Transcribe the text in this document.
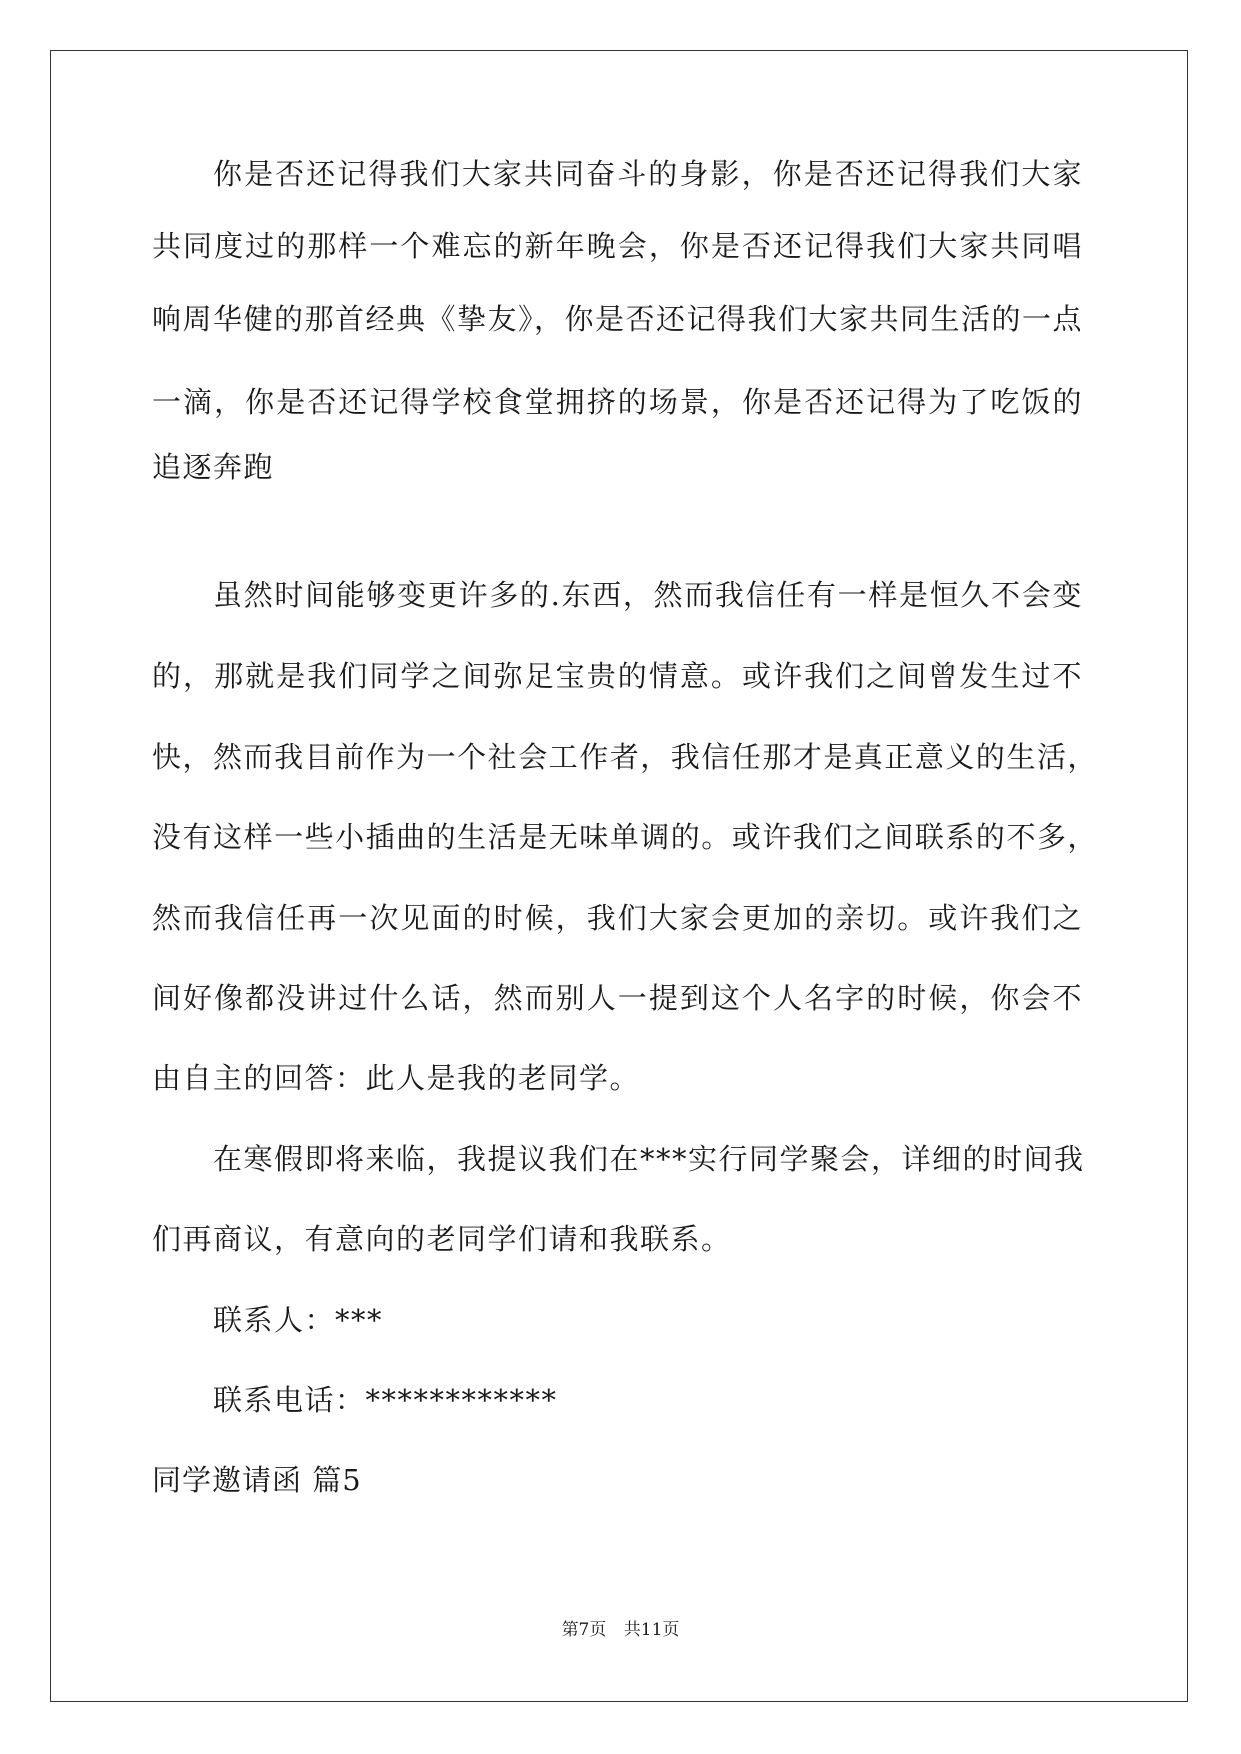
你是否还记得我们大家共同奋斗的身影，你是否还记得我们大家
共同度过的那样一个难忘的新年晚会，你是否还记得我们大家共同唱
响周华健的那首经典《挚友》，你是否还记得我们大家共同生活的一点
一滴，你是否还记得学校食堂拥挤的场景，你是否还记得为了吃饭的
追逐奔跑
虽然时间能够变更许多的.东西，然而我信任有一样是恒久不会变
的，那就是我们同学之间弥足宝贵的情意。或许我们之间曾发生过不
快，然而我目前作为一个社会工作者，我信任那才是真正意义的生活，
没有这样一些小插曲的生活是无味单调的。或许我们之间联系的不多，
然而我信任再一次见面的时候，我们大家会更加的亲切。或许我们之
间好像都没讲过什么话，然而别人一提到这个人名字的时候，你会不
由自主的回答：此人是我的老同学。
在寒假即将来临，我提议我们在***实行同学聚会，详细的时间我
们再商议，有意向的老同学们请和我联系。
联系人：***
联系电话：************
同学邀请函 篇5
第7页 共11页
